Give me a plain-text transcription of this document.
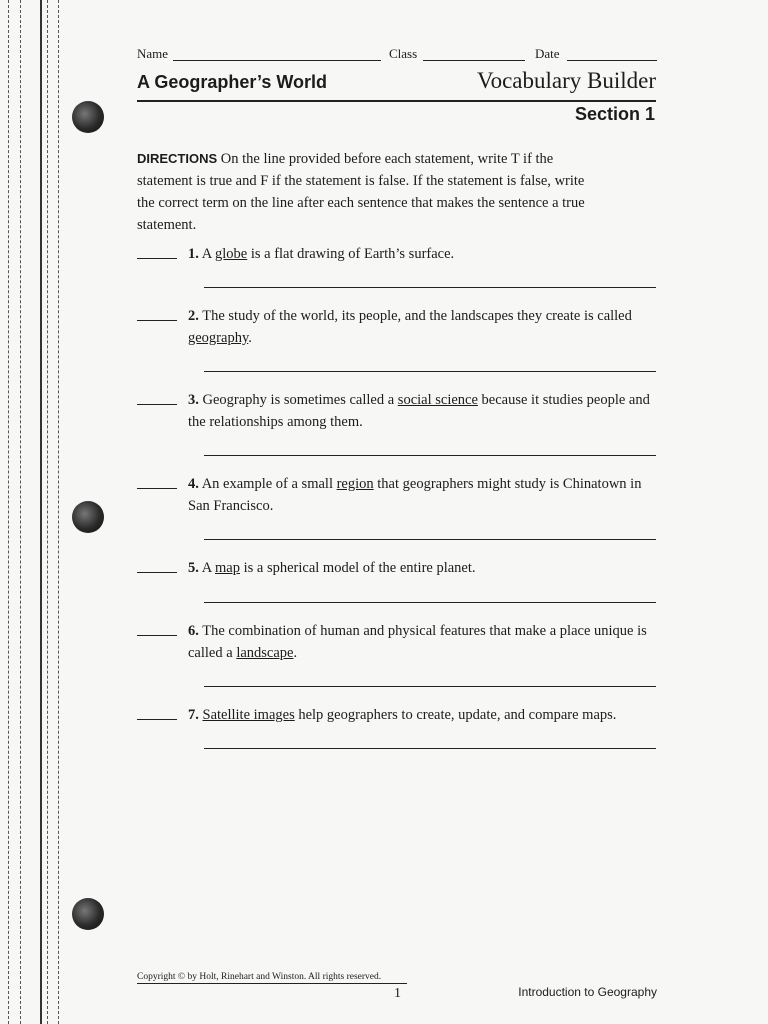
Name	Class	Date
A Geographer’s World	Vocabulary Builder
Section 1
DIRECTIONS On the line provided before each statement, write T if the statement is true and F if the statement is false. If the statement is false, write the correct term on the line after each sentence that makes the sentence a true statement.
1. A globe is a flat drawing of Earth’s surface.
2. The study of the world, its people, and the landscapes they create is called geography.
3. Geography is sometimes called a social science because it studies people and the relationships among them.
4. An example of a small region that geographers might study is Chinatown in San Francisco.
5. A map is a spherical model of the entire planet.
6. The combination of human and physical features that make a place unique is called a landscape.
7. Satellite images help geographers to create, update, and compare maps.
Copyright © by Holt, Rinehart and Winston. All rights reserved.
1	Introduction to Geography
